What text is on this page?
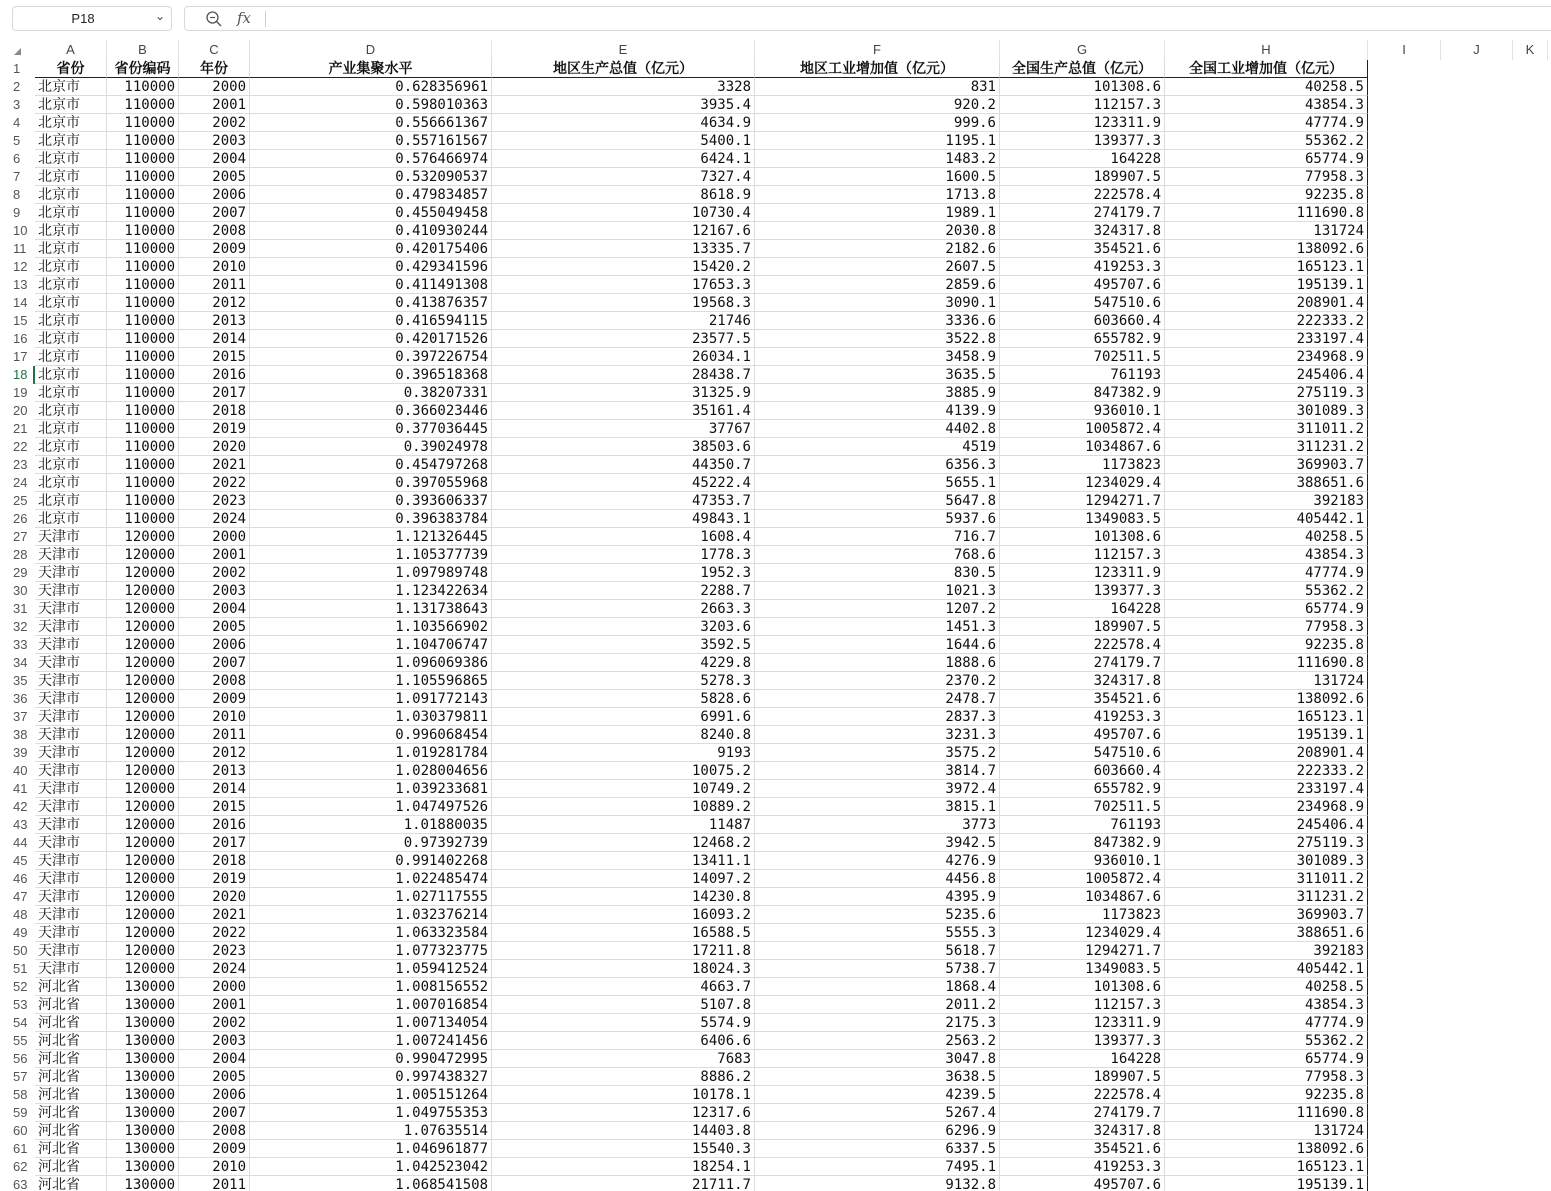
P18	⌄	fx
A	B	C	D	E	F	G	H	I	J	K
1	省份	省份编码	年份	产业集聚水平	地区生产总值（亿元）	地区工业增加值（亿元）	全国生产总值（亿元）	全国工业增加值（亿元）
2	北京市	110000	2000	0.628356961	3328	831	101308.6	40258.5
3	北京市	110000	2001	0.598010363	3935.4	920.2	112157.3	43854.3
4	北京市	110000	2002	0.556661367	4634.9	999.6	123311.9	47774.9
5	北京市	110000	2003	0.557161567	5400.1	1195.1	139377.3	55362.2
6	北京市	110000	2004	0.576466974	6424.1	1483.2	164228	65774.9
7	北京市	110000	2005	0.532090537	7327.4	1600.5	189907.5	77958.3
8	北京市	110000	2006	0.479834857	8618.9	1713.8	222578.4	92235.8
9	北京市	110000	2007	0.455049458	10730.4	1989.1	274179.7	111690.8
10 北京市	110000	2008	0.410930244	12167.6	2030.8	324317.8	131724
11 北京市	110000	2009	0.420175406	13335.7	2182.6	354521.6	138092.6
12 北京市	110000	2010	0.429341596	15420.2	2607.5	419253.3	165123.1
13 北京市	110000	2011	0.411491308	17653.3	2859.6	495707.6	195139.1
14 北京市	110000	2012	0.413876357	19568.3	3090.1	547510.6	208901.4
15 北京市	110000	2013	0.416594115	21746	3336.6	603660.4	222333.2
16 北京市	110000	2014	0.420171526	23577.5	3522.8	655782.9	233197.4
17 北京市	110000	2015	0.397226754	26034.1	3458.9	702511.5	234968.9
18 北京市	110000	2016	0.396518368	28438.7	3635.5	761193	245406.4
19 北京市	110000	2017	0.38207331	31325.9	3885.9	847382.9	275119.3
20 北京市	110000	2018	0.366023446	35161.4	4139.9	936010.1	301089.3
21 北京市	110000	2019	0.377036445	37767	4402.8	1005872.4	311011.2
22 北京市	110000	2020	0.39024978	38503.6	4519	1034867.6	311231.2
23 北京市	110000	2021	0.454797268	44350.7	6356.3	1173823	369903.7
24 北京市	110000	2022	0.397055968	45222.4	5655.1	1234029.4	388651.6
25 北京市	110000	2023	0.393606337	47353.7	5647.8	1294271.7	392183
26 北京市	110000	2024	0.396383784	49843.1	5937.6	1349083.5	405442.1
27 天津市	120000	2000	1.121326445	1608.4	716.7	101308.6	40258.5
28 天津市	120000	2001	1.105377739	1778.3	768.6	112157.3	43854.3
29 天津市	120000	2002	1.097989748	1952.3	830.5	123311.9	47774.9
30 天津市	120000	2003	1.123422634	2288.7	1021.3	139377.3	55362.2
31 天津市	120000	2004	1.131738643	2663.3	1207.2	164228	65774.9
32 天津市	120000	2005	1.103566902	3203.6	1451.3	189907.5	77958.3
33 天津市	120000	2006	1.104706747	3592.5	1644.6	222578.4	92235.8
34 天津市	120000	2007	1.096069386	4229.8	1888.6	274179.7	111690.8
35 天津市	120000	2008	1.105596865	5278.3	2370.2	324317.8	131724
36 天津市	120000	2009	1.091772143	5828.6	2478.7	354521.6	138092.6
37 天津市	120000	2010	1.030379811	6991.6	2837.3	419253.3	165123.1
38 天津市	120000	2011	0.996068454	8240.8	3231.3	495707.6	195139.1
39 天津市	120000	2012	1.019281784	9193	3575.2	547510.6	208901.4
40 天津市	120000	2013	1.028004656	10075.2	3814.7	603660.4	222333.2
41 天津市	120000	2014	1.039233681	10749.2	3972.4	655782.9	233197.4
42 天津市	120000	2015	1.047497526	10889.2	3815.1	702511.5	234968.9
43 天津市	120000	2016	1.01880035	11487	3773	761193	245406.4
44 天津市	120000	2017	0.97392739	12468.2	3942.5	847382.9	275119.3
45 天津市	120000	2018	0.991402268	13411.1	4276.9	936010.1	301089.3
46 天津市	120000	2019	1.022485474	14097.2	4456.8	1005872.4	311011.2
47 天津市	120000	2020	1.027117555	14230.8	4395.9	1034867.6	311231.2
48 天津市	120000	2021	1.032376214	16093.2	5235.6	1173823	369903.7
49 天津市	120000	2022	1.063323584	16588.5	5555.3	1234029.4	388651.6
50 天津市	120000	2023	1.077323775	17211.8	5618.7	1294271.7	392183
51 天津市	120000	2024	1.059412524	18024.3	5738.7	1349083.5	405442.1
52 河北省	130000	2000	1.008156552	4663.7	1868.4	101308.6	40258.5
53 河北省	130000	2001	1.007016854	5107.8	2011.2	112157.3	43854.3
54 河北省	130000	2002	1.007134054	5574.9	2175.3	123311.9	47774.9
55 河北省	130000	2003	1.007241456	6406.6	2563.2	139377.3	55362.2
56 河北省	130000	2004	0.990472995	7683	3047.8	164228	65774.9
57 河北省	130000	2005	0.997438327	8886.2	3638.5	189907.5	77958.3
58 河北省	130000	2006	1.005151264	10178.1	4239.5	222578.4	92235.8
59 河北省	130000	2007	1.049755353	12317.6	5267.4	274179.7	111690.8
60 河北省	130000	2008	1.07635514	14403.8	6296.9	324317.8	131724
61 河北省	130000	2009	1.046961877	15540.3	6337.5	354521.6	138092.6
62 河北省	130000	2010	1.042523042	18254.1	7495.1	419253.3	165123.1
63 河北省	130000	2011	1.068541508	21711.7	9132.8	495707.6	195139.1
